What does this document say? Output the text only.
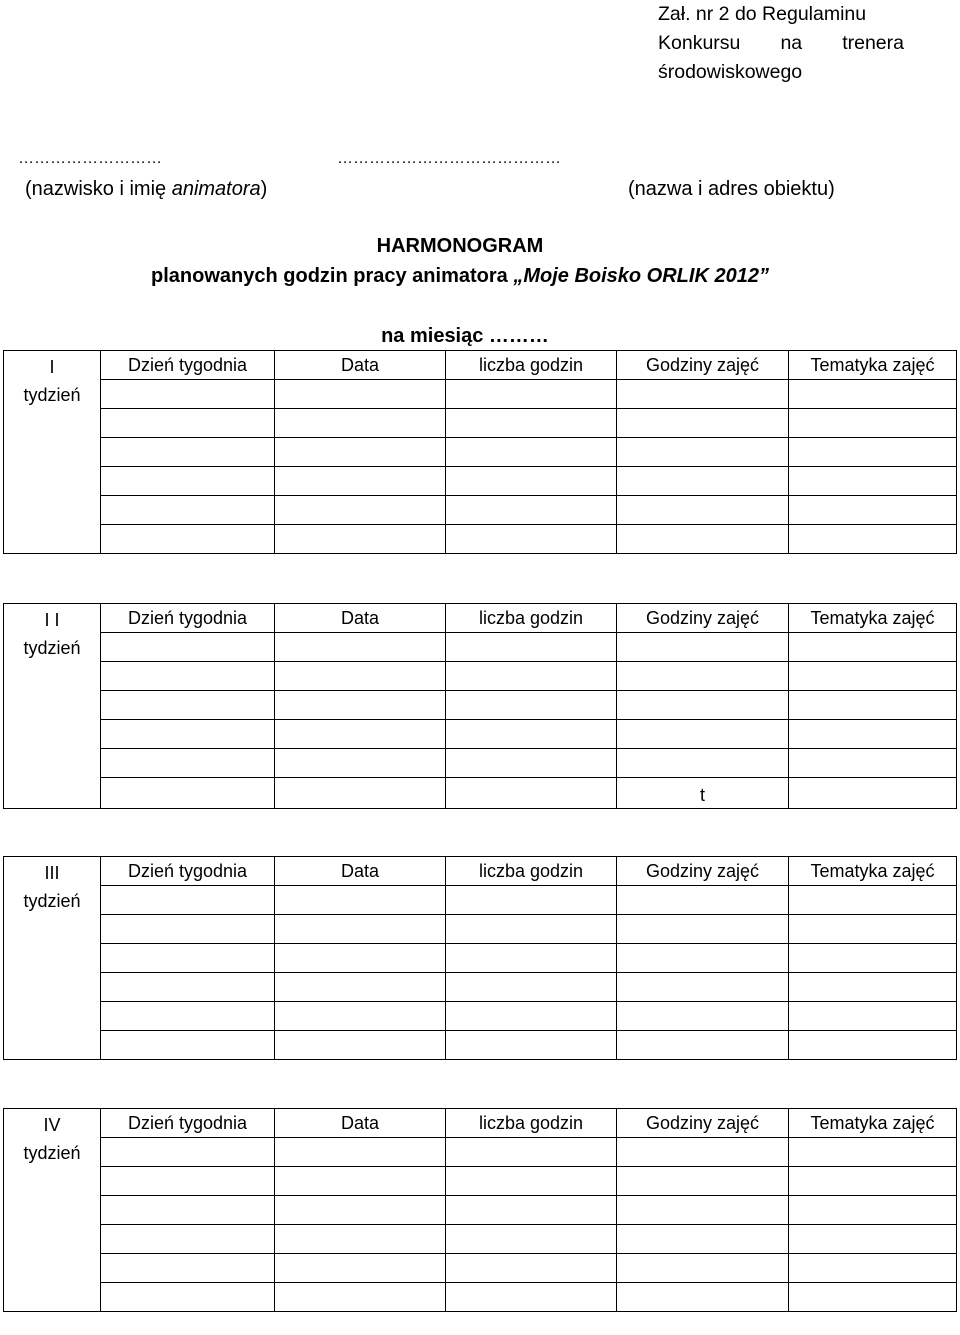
Zał. nr 2 do Regulaminu
Konkursu na trenera
środowiskowego
………………………	……………………………………
(nazwisko i imię animatora)	(nazwa i adres obiektu)
HARMONOGRAM
planowanych godzin pracy animatora „Moje Boisko ORLIK 2012”
na miesiąc ………
I
tydzień	Dzień tygodnia	Data	liczba godzin	Godziny zajęć	Tematyka zajęć

I I
tydzień	Dzień tygodnia	Data	liczba godzin	Godziny zajęć	Tematyka zajęć

				t	
III
tydzień	Dzień tygodnia	Data	liczba godzin	Godziny zajęć	Tematyka zajęć

IV
tydzień	Dzień tygodnia	Data	liczba godzin	Godziny zajęć	Tematyka zajęć
